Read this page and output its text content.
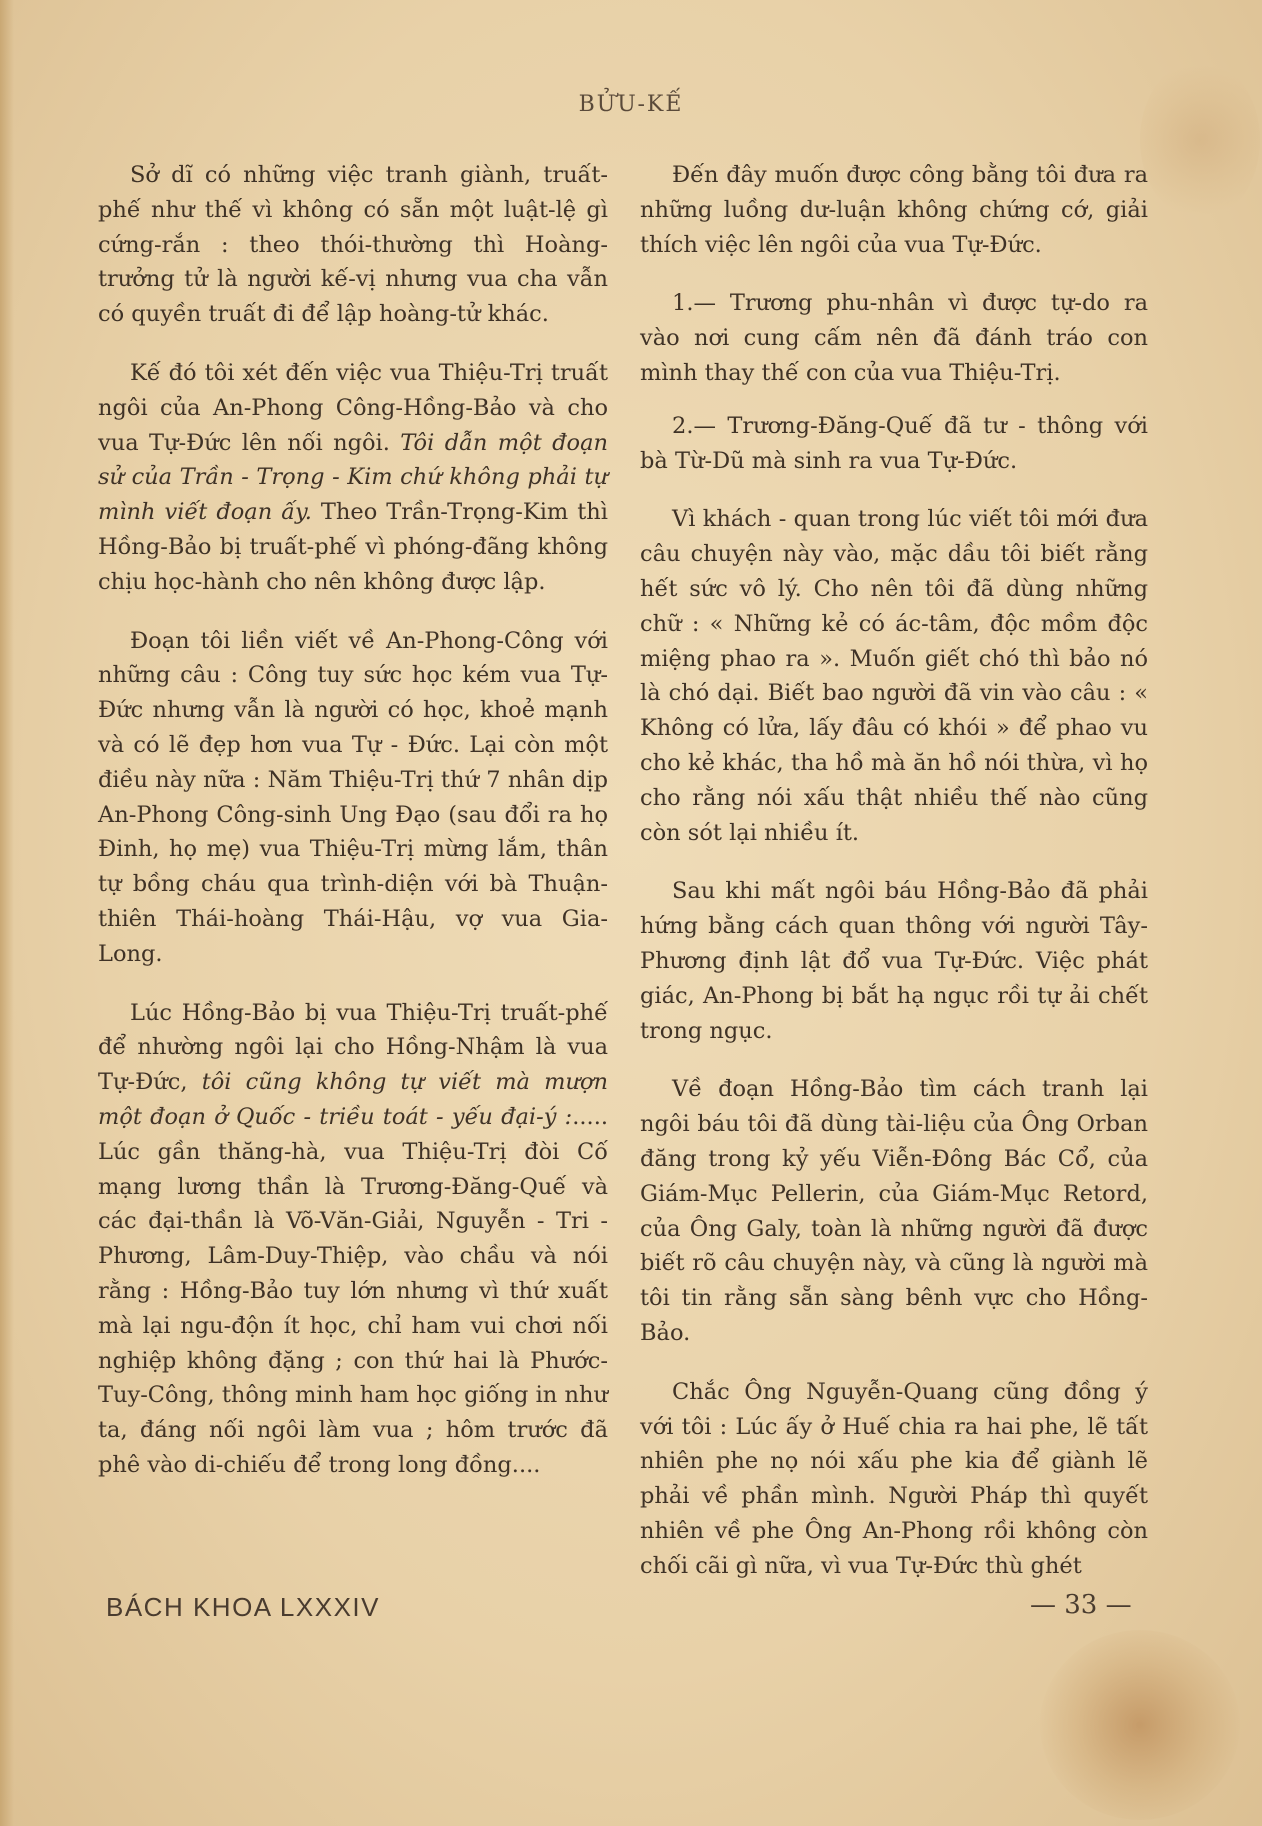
BỬU-KẾ

Sở dĩ có những việc tranh giành, truất-phế như thế vì không có sẵn một luật-lệ gì cứng-rắn : theo thói-thường thì Hoàng-trưởng tử là người kế-vị nhưng vua cha vẫn có quyền truất đi để lập hoàng-tử khác.

Kế đó tôi xét đến việc vua Thiệu-Trị truất ngôi của An-Phong Công-Hồng-Bảo và cho vua Tự-Đức lên nối ngôi. Tôi dẫn một đoạn sử của Trần - Trọng - Kim chứ không phải tự mình viết đoạn ấy. Theo Trần-Trọng-Kim thì Hồng-Bảo bị truất-phế vì phóng-đãng không chịu học-hành cho nên không được lập.

Đoạn tôi liền viết về An-Phong-Công với những câu : Công tuy sức học kém vua Tự-Đức nhưng vẫn là người có học, khoẻ mạnh và có lẽ đẹp hơn vua Tự - Đức. Lại còn một điều này nữa : Năm Thiệu-Trị thứ 7 nhân dịp An-Phong Công-sinh Ung Đạo (sau đổi ra họ Đinh, họ mẹ) vua Thiệu-Trị mừng lắm, thân tự bồng cháu qua trình-diện với bà Thuận-thiên Thái-hoàng Thái-Hậu, vợ vua Gia-Long.

Lúc Hồng-Bảo bị vua Thiệu-Trị truất-phế để nhường ngôi lại cho Hồng-Nhậm là vua Tự-Đức, tôi cũng không tự viết mà mượn một đoạn ở Quốc - triều toát - yếu đại-ý :..... Lúc gần thăng-hà, vua Thiệu-Trị đòi Cố mạng lương thần là Trương-Đăng-Quế và các đại-thần là Võ-Văn-Giải, Nguyễn - Tri - Phương, Lâm-Duy-Thiệp, vào chầu và nói rằng : Hồng-Bảo tuy lớn nhưng vì thứ xuất mà lại ngu-độn ít học, chỉ ham vui chơi nối nghiệp không đặng ; con thứ hai là Phước-Tuy-Công, thông minh ham học giống in như ta, đáng nối ngôi làm vua ; hôm trước đã phê vào di-chiếu để trong long đồng....

Đến đây muốn được công bằng tôi đưa ra những luồng dư-luận không chứng cớ, giải thích việc lên ngôi của vua Tự-Đức.

1.— Trương phu-nhân vì được tự-do ra vào nơi cung cấm nên đã đánh tráo con mình thay thế con của vua Thiệu-Trị.

2.— Trương-Đăng-Quế đã tư - thông với bà Từ-Dũ mà sinh ra vua Tự-Đức.

Vì khách - quan trong lúc viết tôi mới đưa câu chuyện này vào, mặc dầu tôi biết rằng hết sức vô lý. Cho nên tôi đã dùng những chữ : « Những kẻ có ác-tâm, độc mồm độc miệng phao ra ». Muốn giết chó thì bảo nó là chó dại. Biết bao người đã vin vào câu : « Không có lửa, lấy đâu có khói » để phao vu cho kẻ khác, tha hồ mà ăn hồ nói thừa, vì họ cho rằng nói xấu thật nhiều thế nào cũng còn sót lại nhiều ít.

Sau khi mất ngôi báu Hồng-Bảo đã phải hứng bằng cách quan thông với người Tây-Phương định lật đổ vua Tự-Đức. Việc phát giác, An-Phong bị bắt hạ ngục rồi tự ải chết trong ngục.

Về đoạn Hồng-Bảo tìm cách tranh lại ngôi báu tôi đã dùng tài-liệu của Ông Orban đăng trong kỷ yếu Viễn-Đông Bác Cổ, của Giám-Mục Pellerin, của Giám-Mục Retord, của Ông Galy, toàn là những người đã được biết rõ câu chuyện này, và cũng là người mà tôi tin rằng sẵn sàng bênh vực cho Hồng-Bảo.

Chắc Ông Nguyễn-Quang cũng đồng ý với tôi : Lúc ấy ở Huế chia ra hai phe, lẽ tất nhiên phe nọ nói xấu phe kia để giành lẽ phải về phần mình. Người Pháp thì quyết nhiên về phe Ông An-Phong rồi không còn chối cãi gì nữa, vì vua Tự-Đức thù ghét

BÁCH KHOA LXXXIV	— 33 —
